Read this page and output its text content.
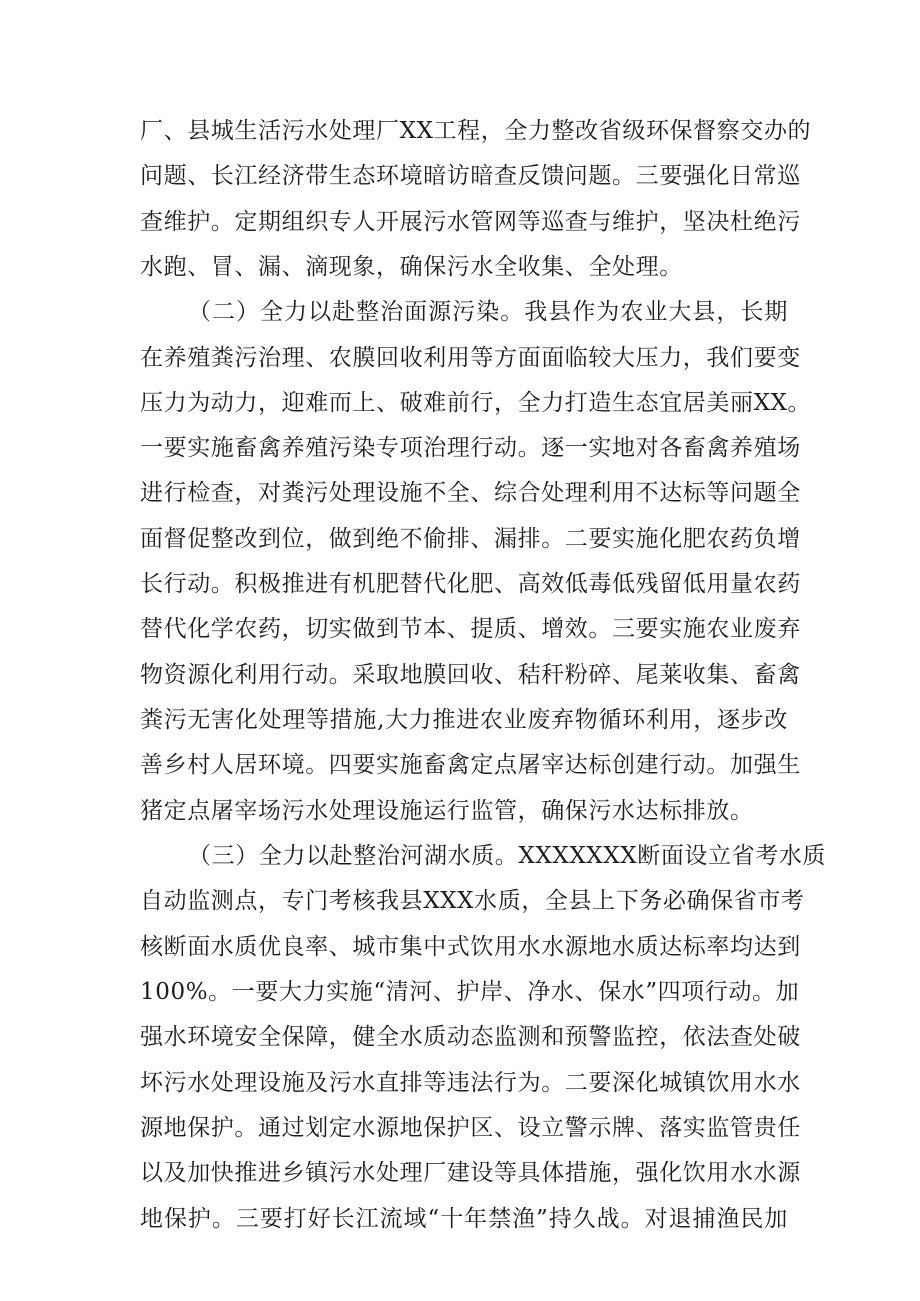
厂、县城生活污水处理厂XX工程，全力整改省级环保督察交办的

问题、长江经济带生态环境暗访暗查反馈问题。三要强化日常巡

查维护。定期组织专人开展污水管网等巡查与维护，坚决杜绝污

水跑、冒、漏、滴现象，确保污水全收集、全处理。

（二）全力以赴整治面源污染。我县作为农业大县，长期

在养殖粪污治理、农膜回收利用等方面面临较大压力，我们要变

压力为动力，迎难而上、破难前行，全力打造生态宜居美丽XX。

一要实施畜禽养殖污染专项治理行动。逐一实地对各畜禽养殖场

进行检查，对粪污处理设施不全、综合处理利用不达标等问题全

面督促整改到位，做到绝不偷排、漏排。二要实施化肥农药负增

长行动。积极推进有机肥替代化肥、高效低毒低残留低用量农药

替代化学农药，切实做到节本、提质、增效。三要实施农业废弃

物资源化利用行动。采取地膜回收、秸秆粉碎、尾莱收集、畜禽

粪污无害化处理等措施,大力推进农业废弃物循环利用，逐步改

善乡村人居环境。四要实施畜禽定点屠宰达标创建行动。加强生

猪定点屠宰场污水处理设施运行监管，确保污水达标排放。

（三）全力以赴整治河湖水质。XXXXXXX断面设立省考水质

自动监测点，专门考核我县XXX水质，全县上下务必确保省市考

核断面水质优良率、城市集中式饮用水水源地水质达标率均达到

100%。一要大力实施“清河、护岸、净水、保水”四项行动。加

强水环境安全保障，健全水质动态监测和预警监控，依法查处破

坏污水处理设施及污水直排等违法行为。二要深化城镇饮用水水

源地保护。通过划定水源地保护区、设立警示牌、落实监管贵任

以及加快推进乡镇污水处理厂建设等具体措施，强化饮用水水源

地保护。三要打好长江流域“十年禁渔”持久战。对退捕渔民加
